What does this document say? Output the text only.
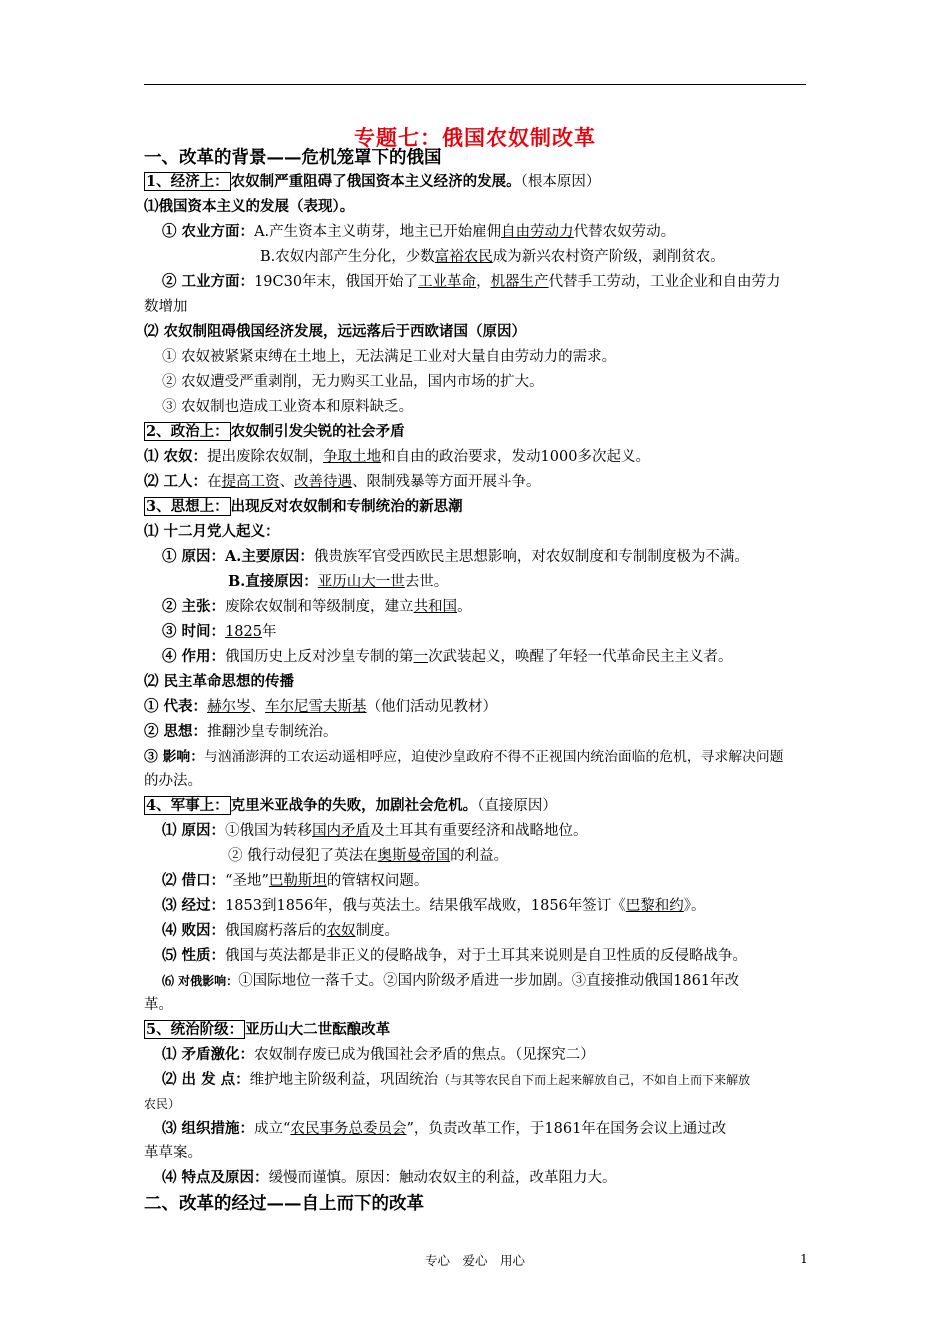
专题七：俄国农奴制改革
一、改革的背景——危机笼罩下的俄国
1、经济上： 农奴制严重阻碍了俄国资本主义经济的发展。（根本原因）
⑴俄国资本主义的发展（表现）。
① 农业方面：A.产生资本主义萌芽，地主已开始雇佣自由劳动力代替农奴劳动。
B.农奴内部产生分化，少数富裕农民成为新兴农村资产阶级，剥削贫农。
② 工业方面：19C30年末，俄国开始了工业革命，机器生产代替手工劳动，工业企业和自由劳力
数增加
⑵ 农奴制阻碍俄国经济发展，远远落后于西欧诸国（原因）
① 农奴被紧紧束缚在土地上，无法满足工业对大量自由劳动力的需求。
② 农奴遭受严重剥削，无力购买工业品，国内市场的扩大。
③ 农奴制也造成工业资本和原料缺乏。
2、政治上： 农奴制引发尖锐的社会矛盾
⑴ 农奴：提出废除农奴制，争取土地和自由的政治要求，发动1000多次起义。
⑵ 工人：在提高工资、改善待遇、限制残暴等方面开展斗争。
3、思想上： 出现反对农奴制和专制统治的新思潮
⑴ 十二月党人起义：
① 原因：A.主要原因：俄贵族军官受西欧民主思想影响，对农奴制度和专制制度极为不满。
B.直接原因：亚历山大一世去世。
② 主张：废除农奴制和等级制度，建立共和国。
③ 时间：1825年
④ 作用：俄国历史上反对沙皇专制的第一次武装起义，唤醒了年轻一代革命民主主义者。
⑵ 民主革命思想的传播
① 代表：赫尔岑、车尔尼雪夫斯基（他们活动见教材）
② 思想：推翻沙皇专制统治。
③ 影响：与汹涌澎湃的工农运动遥相呼应，迫使沙皇政府不得不正视国内统治面临的危机，寻求解决问题
的办法。
4、军事上： 克里米亚战争的失败，加剧社会危机。（直接原因）
⑴ 原因：①俄国为转移国内矛盾及土耳其有重要经济和战略地位。
② 俄行动侵犯了英法在奥斯曼帝国的利益。
⑵ 借口：“圣地”巴勒斯坦的管辖权问题。
⑶ 经过：1853到1856年，俄与英法土。结果俄军战败，1856年签订《巴黎和约》。
⑷ 败因：俄国腐朽落后的农奴制度。
⑸ 性质：俄国与英法都是非正义的侵略战争，对于土耳其来说则是自卫性质的反侵略战争。
⑹ 对俄影响：①国际地位一落千丈。②国内阶级矛盾进一步加剧。③直接推动俄国1861年改
革。
5、统治阶级： 亚历山大二世酝酿改革
⑴ 矛盾激化：农奴制存废已成为俄国社会矛盾的焦点。（见探究二）
⑵ 出 发 点：维护地主阶级利益，巩固统治（与其等农民自下而上起来解放自己，不如自上而下来解放
农民）
⑶ 组织措施：成立“农民事务总委员会”，负责改革工作，于1861年在国务会议上通过改
革草案。
⑷ 特点及原因：缓慢而谨慎。原因：触动农奴主的利益，改革阻力大。
二、改革的经过——自上而下的改革
专心　爱心　用心	1
